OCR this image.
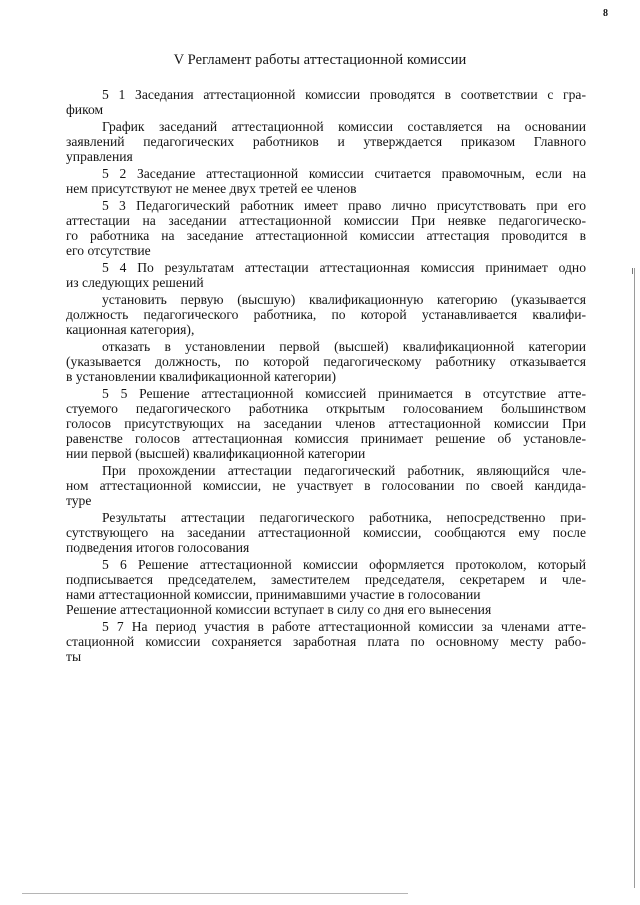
8
V Регламент работы аттестационной комиссии
5 1 Заседания аттестационной комиссии проводятся в соответствии с гра-
фиком
График заседаний аттестационной комиссии составляется на основании
заявлений педагогических работников и утверждается приказом Главного
управления
5 2 Заседание аттестационной комиссии считается правомочным, если на
нем присутствуют не менее двух третей ее членов
5 3 Педагогический работник имеет право лично присутствовать при его
аттестации на заседании аттестационной комиссии При неявке педагогическо-
го работника на заседание аттестационной комиссии аттестация проводится в
его отсутствие
5 4 По результатам аттестации аттестационная комиссия принимает одно
из следующих решений
установить первую (высшую) квалификационную категорию (указывается
должность педагогического работника, по которой устанавливается квалифи-
кационная категория),
отказать в установлении первой (высшей) квалификационной категории
(указывается должность, по которой педагогическому работнику отказывается
в установлении квалификационной категории)
5 5 Решение аттестационной комиссией принимается в отсутствие атте-
стуемого педагогического работника открытым голосованием большинством
голосов присутствующих на заседании членов аттестационной комиссии При
равенстве голосов аттестационная комиссия принимает решение об установле-
нии первой (высшей) квалификационной категории
При прохождении аттестации педагогический работник, являющийся чле-
ном аттестационной комиссии, не участвует в голосовании по своей кандида-
туре
Результаты аттестации педагогического работника, непосредственно при-
сутствующего на заседании аттестационной комиссии, сообщаются ему после
подведения итогов голосования
5 6 Решение аттестационной комиссии оформляется протоколом, который
подписывается председателем, заместителем председателя, секретарем и чле-
нами аттестационной комиссии, принимавшими участие в голосовании
Решение аттестационной комиссии вступает в силу со дня его вынесения
5 7 На период участия в работе аттестационной комиссии за членами атте-
стационной комиссии сохраняется заработная плата по основному месту рабо-
ты
